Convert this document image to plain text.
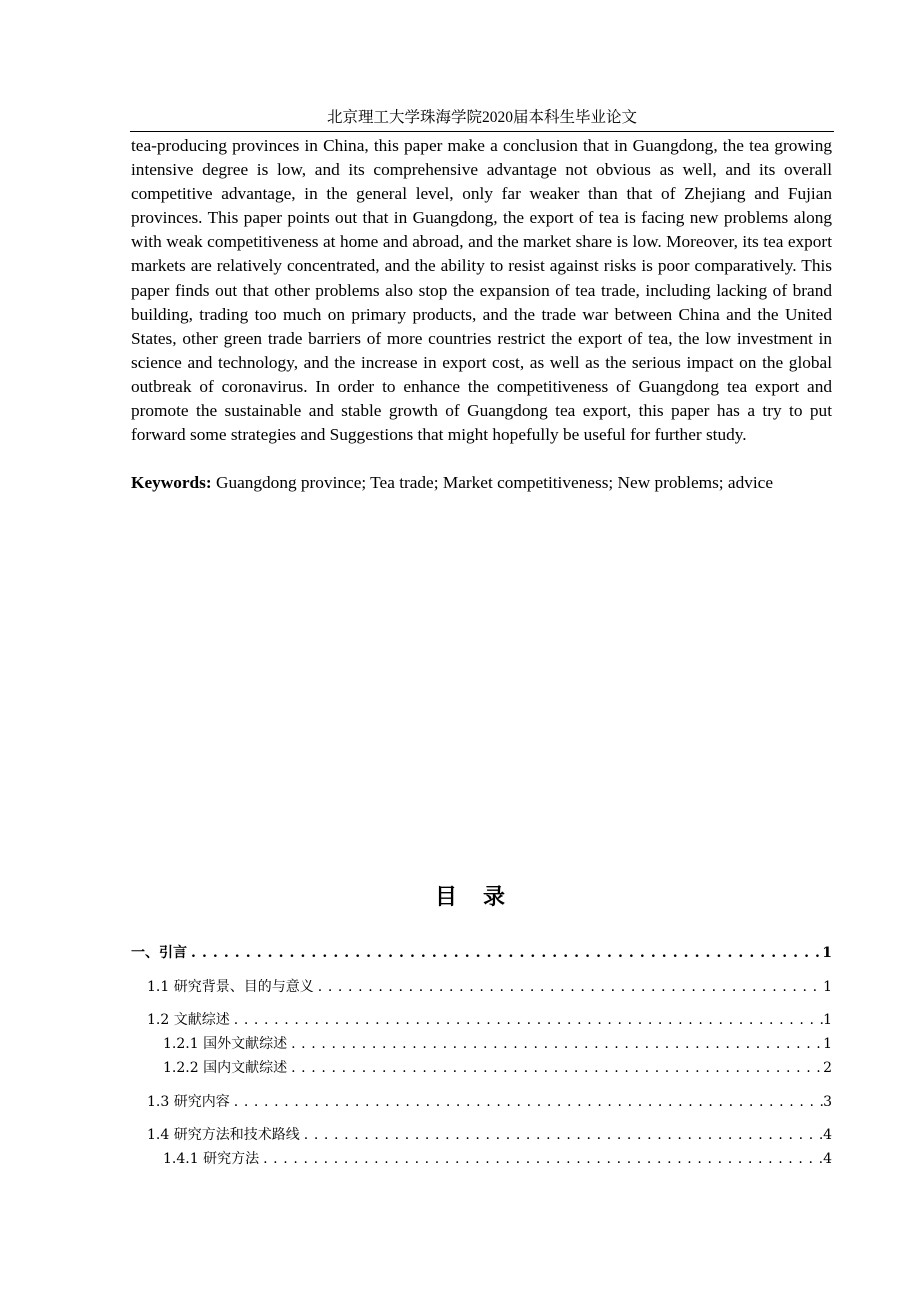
北京理工大学珠海学院2020届本科生毕业论文

tea-producing provinces in China, this paper make a conclusion that in Guangdong, the tea growing intensive degree is low, and its comprehensive advantage not obvious as well, and its overall competitive advantage, in the general level, only far weaker than that of Zhejiang and Fujian provinces. This paper points out that in Guangdong, the export of tea is facing new problems along with weak competitiveness at home and abroad, and the market share is low. Moreover, its tea export markets are relatively concentrated, and the ability to resist against risks is poor comparatively. This paper finds out that other problems also stop the expansion of tea trade, including lacking of brand building, trading too much on primary products, and the trade war between China and the United States, other green trade barriers of more countries restrict the export of tea, the low investment in science and technology, and the increase in export cost, as well as the serious impact on the global outbreak of coronavirus. In order to enhance the competitiveness of Guangdong tea export and promote the sustainable and stable growth of Guangdong tea export, this paper has a try to put forward some strategies and Suggestions that might hopefully be useful for further study.

Keywords: Guangdong province; Tea trade; Market competitiveness; New problems; advice

目录
一、引言 . . .	1
1.1 研究背景、目的与意义 . . .	1
1.2 文献综述 . . .	1
1.2.1 国外文献综述 . . .	1
1.2.2 国内文献综述 . . .	2
1.3 研究内容 . . .	3
1.4 研究方法和技术路线 . . .	4
1.4.1 研究方法 . . .	4
